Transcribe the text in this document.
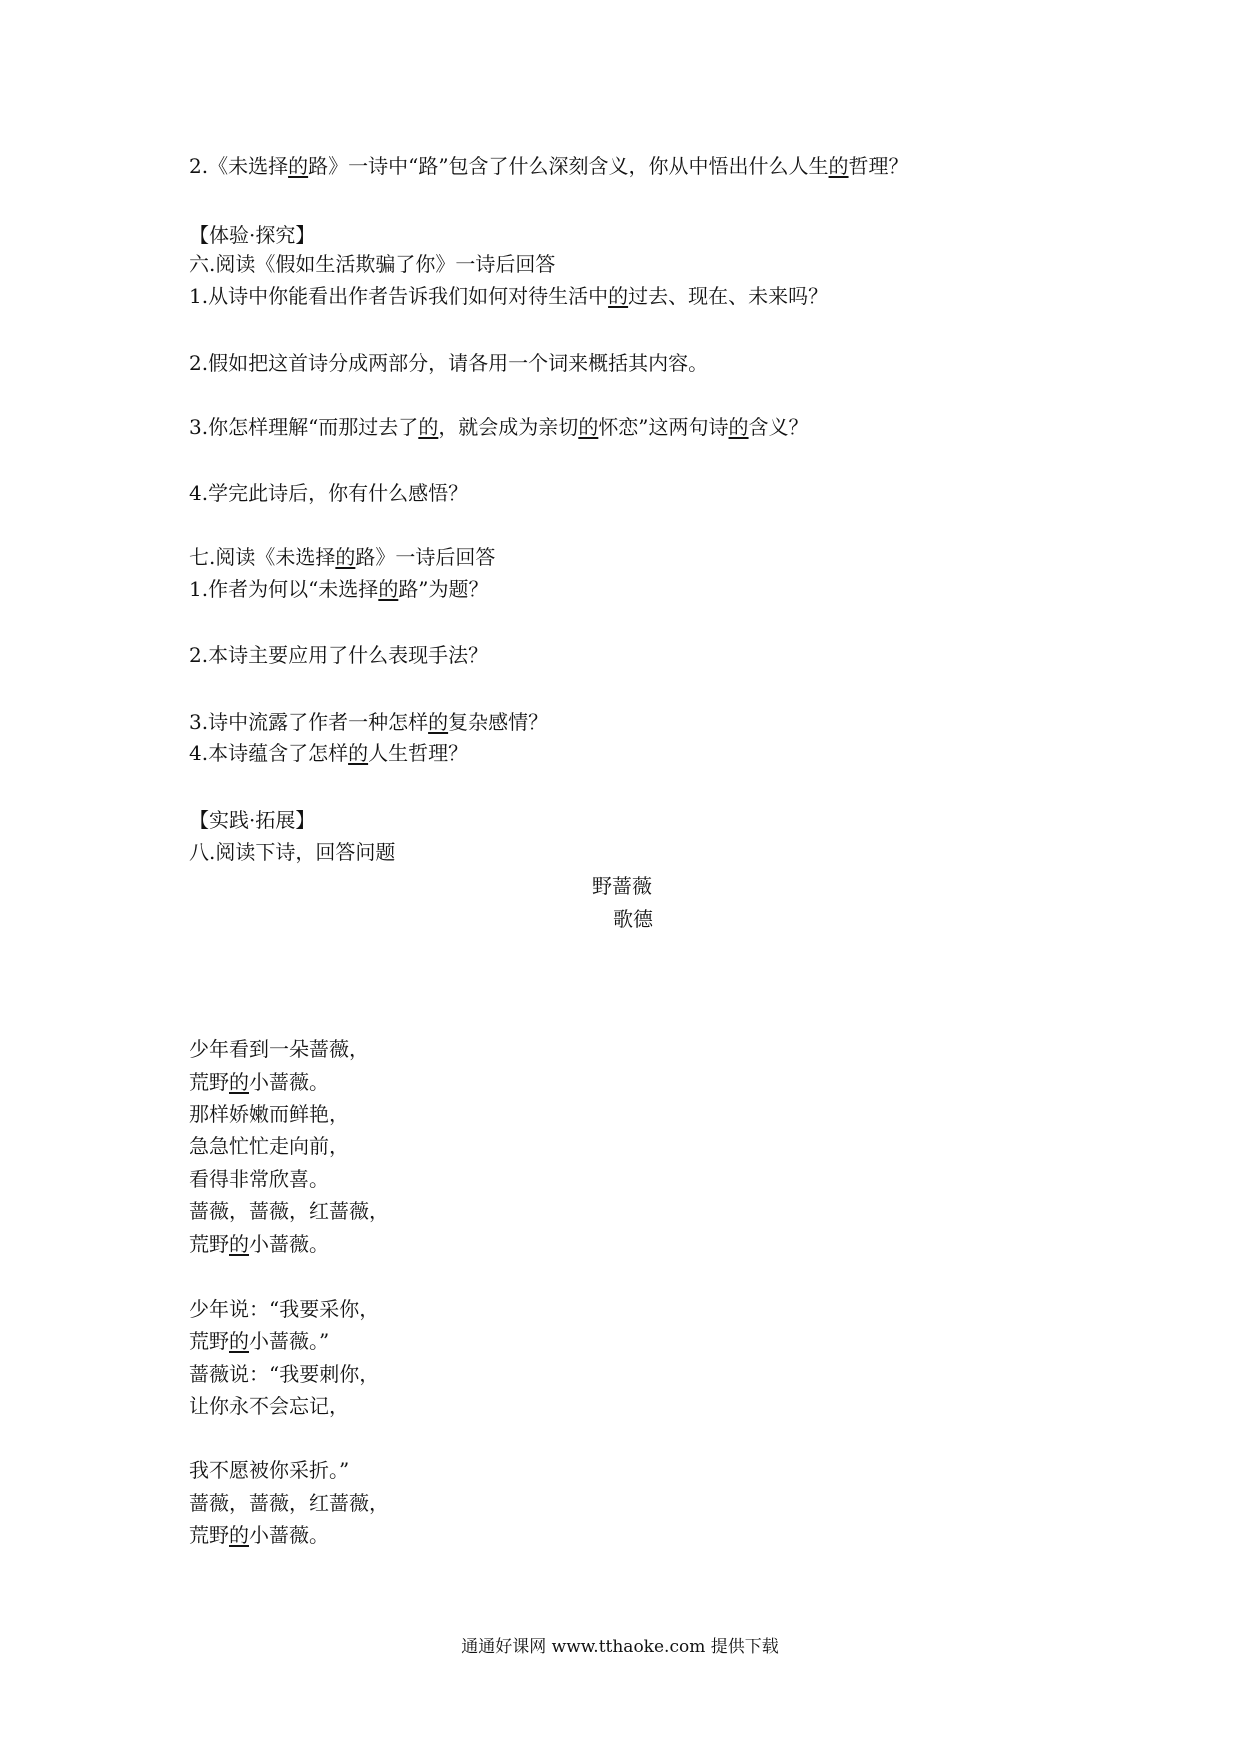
2.《未选择的路》一诗中“路”包含了什么深刻含义，你从中悟出什么人生的哲理？
【体验·探究】
六.阅读《假如生活欺骗了你》一诗后回答
1.从诗中你能看出作者告诉我们如何对待生活中的过去、现在、未来吗？
2.假如把这首诗分成两部分，请各用一个词来概括其内容。
3.你怎样理解“而那过去了的，就会成为亲切的怀恋”这两句诗的含义？
4.学完此诗后，你有什么感悟？
七.阅读《未选择的路》一诗后回答
1.作者为何以“未选择的路”为题？
2.本诗主要应用了什么表现手法？
3.诗中流露了作者一种怎样的复杂感情？
4.本诗蕴含了怎样的人生哲理？
【实践·拓展】
八.阅读下诗，回答问题
野蔷薇
歌德
少年看到一朵蔷薇，
荒野的小蔷薇。
那样娇嫩而鲜艳，
急急忙忙走向前，
看得非常欣喜。
蔷薇，蔷薇，红蔷薇，
荒野的小蔷薇。
少年说：“我要采你，
荒野的小蔷薇。”
蔷薇说：“我要刺你，
让你永不会忘记，
我不愿被你采折。”
蔷薇，蔷薇，红蔷薇，
荒野的小蔷薇。
通通好课网 www.tthaoke.com 提供下载
